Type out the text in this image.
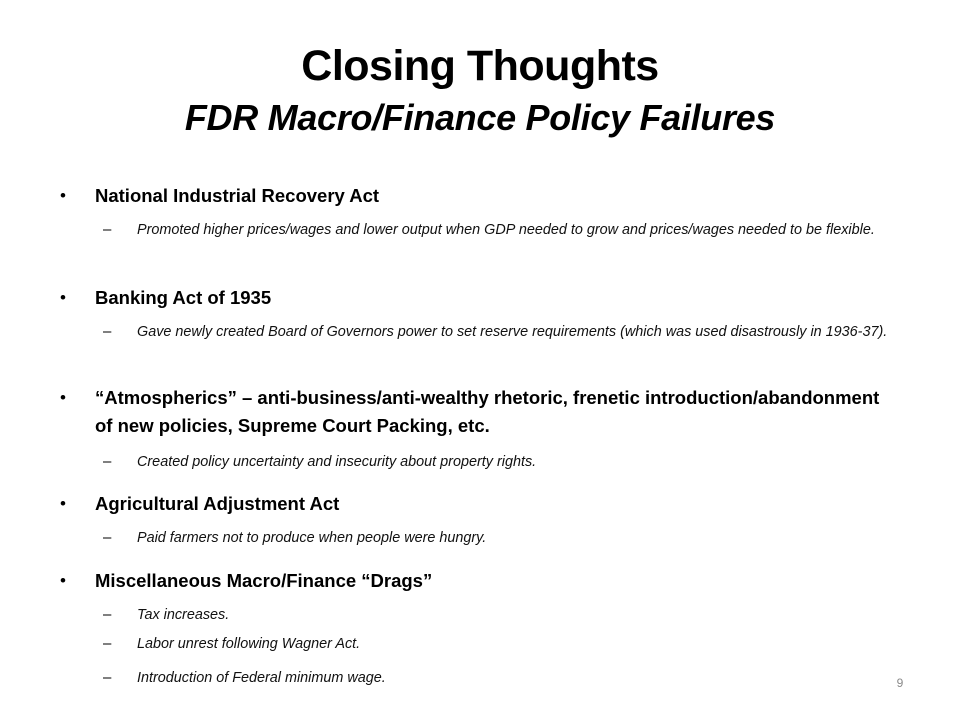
Closing Thoughts
FDR Macro/Finance Policy Failures
• National Industrial Recovery Act
– Promoted higher prices/wages and lower output when GDP needed to grow and prices/wages needed to be flexible.
• Banking Act of 1935
– Gave newly created Board of Governors power to set reserve requirements (which was used disastrously in 1936-37).
• “Atmospherics” – anti-business/anti-wealthy rhetoric, frenetic introduction/abandonment of new policies, Supreme Court Packing, etc.
– Created policy uncertainty and insecurity about property rights.
• Agricultural Adjustment Act
– Paid farmers not to produce when people were hungry.
• Miscellaneous Macro/Finance “Drags”
– Tax increases.
– Labor unrest following Wagner Act.
– Introduction of Federal minimum wage.	9
